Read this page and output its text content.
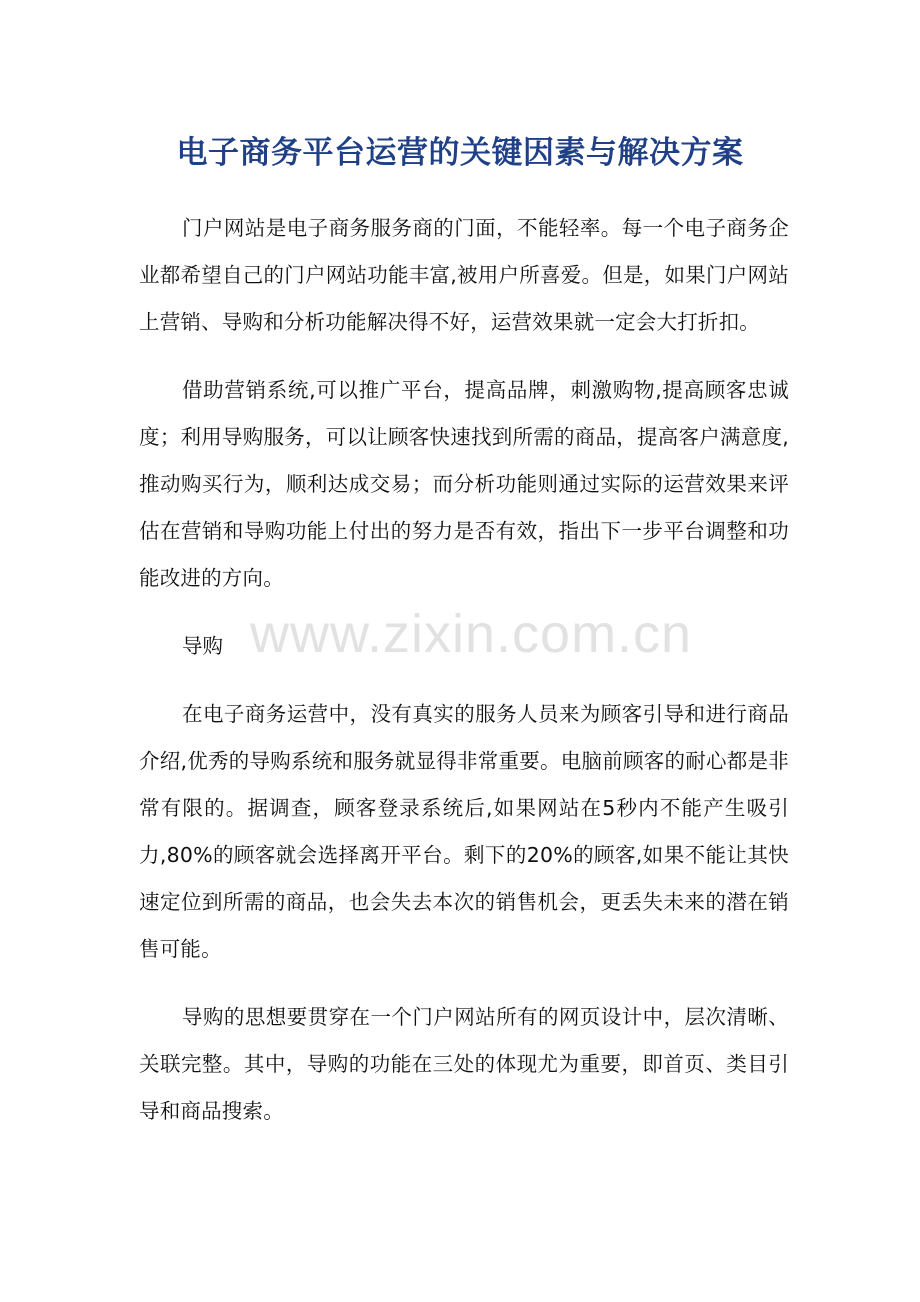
www.zixin.com.cn
电子商务平台运营的关键因素与解决方案

门户网站是电子商务服务商的门面，不能轻率。每一个电子商务企业都希望自己的门户网站功能丰富,被用户所喜爱。但是，如果门户网站上营销、导购和分析功能解决得不好，运营效果就一定会大打折扣。

借助营销系统,可以推广平台，提高品牌，刺激购物,提高顾客忠诚度；利用导购服务，可以让顾客快速找到所需的商品，提高客户满意度,推动购买行为，顺利达成交易；而分析功能则通过实际的运营效果来评估在营销和导购功能上付出的努力是否有效，指出下一步平台调整和功能改进的方向。

导购

在电子商务运营中，没有真实的服务人员来为顾客引导和进行商品介绍,优秀的导购系统和服务就显得非常重要。电脑前顾客的耐心都是非常有限的。据调查，顾客登录系统后,如果网站在5秒内不能产生吸引力,80%的顾客就会选择离开平台。剩下的20%的顾客,如果不能让其快速定位到所需的商品，也会失去本次的销售机会，更丢失未来的潜在销售可能。

导购的思想要贯穿在一个门户网站所有的网页设计中，层次清晰、关联完整。其中，导购的功能在三处的体现尤为重要，即首页、类目引导和商品搜索。
